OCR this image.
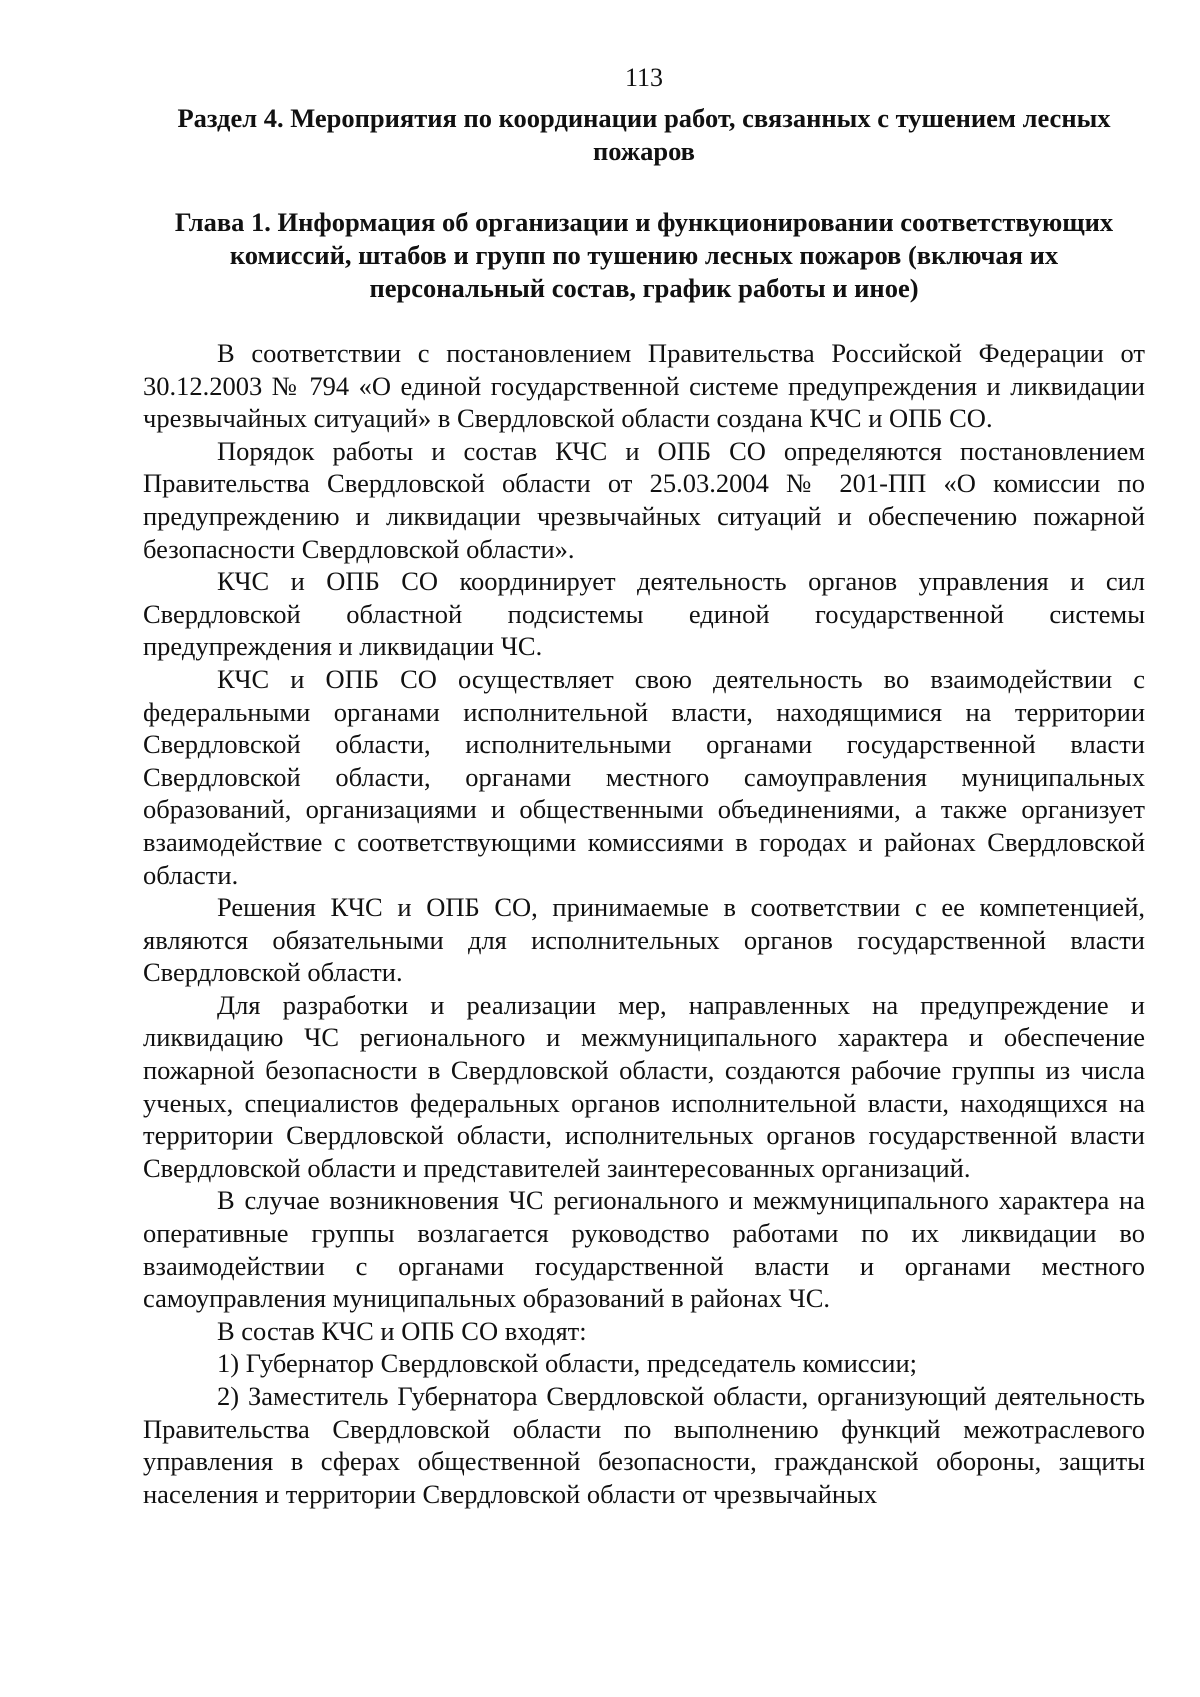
113
Раздел 4. Мероприятия по координации работ, связанных с тушением лесных пожаров
Глава 1. Информация об организации и функционировании соответствующих комиссий, штабов и групп по тушению лесных пожаров (включая их персональный состав, график работы и иное)

В соответствии с постановлением Правительства Российской Федерации от 30.12.2003 № 794 «О единой государственной системе предупреждения и ликвидации чрезвычайных ситуаций» в Свердловской области создана КЧС и ОПБ СО.

Порядок работы и состав КЧС и ОПБ СО определяются постановлением Правительства Свердловской области от 25.03.2004 № 201-ПП «О комиссии по предупреждению и ликвидации чрезвычайных ситуаций и обеспечению пожарной безопасности Свердловской области».

КЧС и ОПБ СО координирует деятельность органов управления и сил Свердловской областной подсистемы единой государственной системы предупреждения и ликвидации ЧС.

КЧС и ОПБ СО осуществляет свою деятельность во взаимодействии с федеральными органами исполнительной власти, находящимися на территории Свердловской области, исполнительными органами государственной власти Свердловской области, органами местного самоуправления муниципальных образований, организациями и общественными объединениями, а также организует взаимодействие с соответствующими комиссиями в городах и районах Свердловской области.

Решения КЧС и ОПБ СО, принимаемые в соответствии с ее компетенцией, являются обязательными для исполнительных органов государственной власти Свердловской области.

Для разработки и реализации мер, направленных на предупреждение и ликвидацию ЧС регионального и межмуниципального характера и обеспечение пожарной безопасности в Свердловской области, создаются рабочие группы из числа ученых, специалистов федеральных органов исполнительной власти, находящихся на территории Свердловской области, исполнительных органов государственной власти Свердловской области и представителей заинтересованных организаций.

В случае возникновения ЧС регионального и межмуниципального характера на оперативные группы возлагается руководство работами по их ликвидации во взаимодействии с органами государственной власти и органами местного самоуправления муниципальных образований в районах ЧС.

В состав КЧС и ОПБ СО входят:

1) Губернатор Свердловской области, председатель комиссии;

2) Заместитель Губернатора Свердловской области, организующий деятельность Правительства Свердловской области по выполнению функций межотраслевого управления в сферах общественной безопасности, гражданской обороны, защиты населения и территории Свердловской области от чрезвычайных
